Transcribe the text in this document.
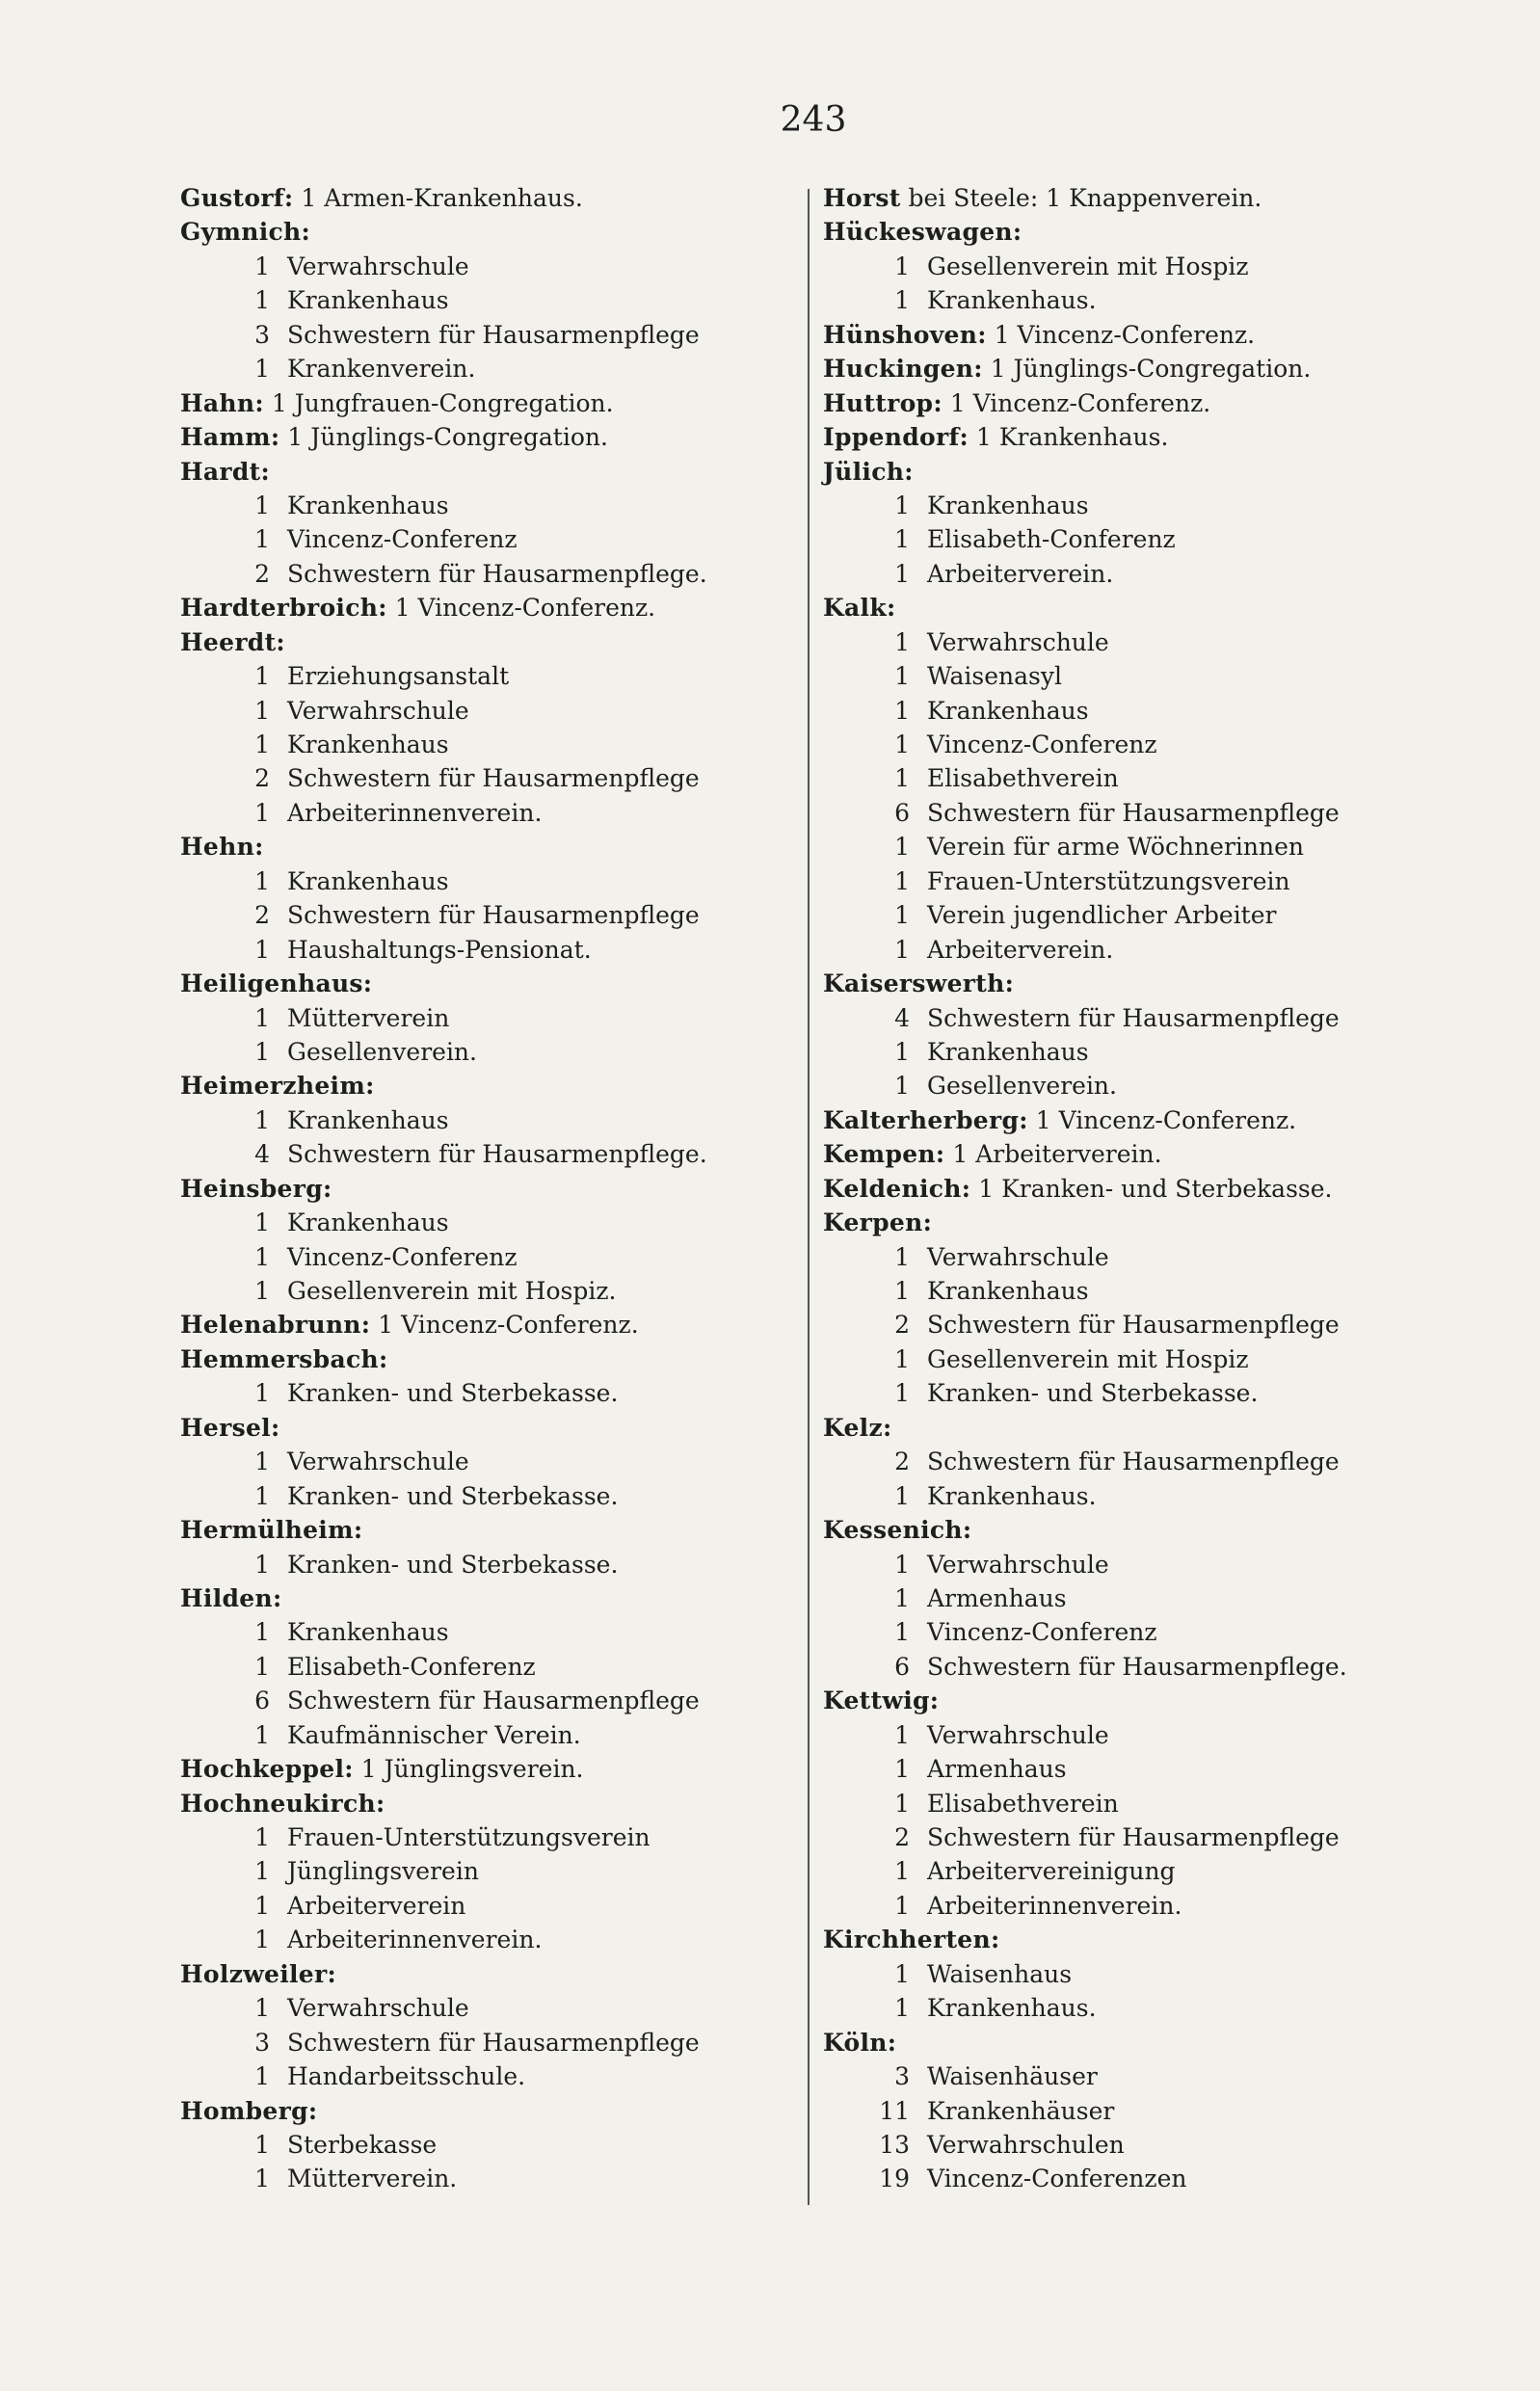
243
Gustorf: 1 Armen-Krankenhaus.
Gymnich:
1 Verwahrschule
1 Krankenhaus
3 Schwestern für Hausarmenpflege
1 Krankenverein.
Hahn: 1 Jungfrauen-Congregation.
Hamm: 1 Jünglings-Congregation.
Hardt:
1 Krankenhaus
1 Vincenz-Conferenz
2 Schwestern für Hausarmenpflege.
Hardterbroich: 1 Vincenz-Conferenz.
Heerdt:
1 Erziehungsanstalt
1 Verwahrschule
1 Krankenhaus
2 Schwestern für Hausarmenpflege
1 Arbeiterinnenverein.
Hehn:
1 Krankenhaus
2 Schwestern für Hausarmenpflege
1 Haushaltungs-Pensionat.
Heiligenhaus:
1 Mütterverein
1 Gesellenverein.
Heimerzheim:
1 Krankenhaus
4 Schwestern für Hausarmenpflege.
Heinsberg:
1 Krankenhaus
1 Vincenz-Conferenz
1 Gesellenverein mit Hospiz.
Helenabrunn: 1 Vincenz-Conferenz.
Hemmersbach:
1 Kranken- und Sterbekasse.
Hersel:
1 Verwahrschule
1 Kranken- und Sterbekasse.
Hermülheim:
1 Kranken- und Sterbekasse.
Hilden:
1 Krankenhaus
1 Elisabeth-Conferenz
6 Schwestern für Hausarmenpflege
1 Kaufmännischer Verein.
Hochkeppel: 1 Jünglingsverein.
Hochneukirch:
1 Frauen-Unterstützungsverein
1 Jünglingsverein
1 Arbeiterverein
1 Arbeiterinnenverein.
Holzweiler:
1 Verwahrschule
3 Schwestern für Hausarmenpflege
1 Handarbeitsschule.
Homberg:
1 Sterbekasse
1 Mütterverein.
Horst bei Steele: 1 Knappenverein.
Hückeswagen:
1 Gesellenverein mit Hospiz
1 Krankenhaus.
Hünshoven: 1 Vincenz-Conferenz.
Huckingen: 1 Jünglings-Congregation.
Huttrop: 1 Vincenz-Conferenz.
Ippendorf: 1 Krankenhaus.
Jülich:
1 Krankenhaus
1 Elisabeth-Conferenz
1 Arbeiterverein.
Kalk:
1 Verwahrschule
1 Waisenasyl
1 Krankenhaus
1 Vincenz-Conferenz
1 Elisabethverein
6 Schwestern für Hausarmenpflege
1 Verein für arme Wöchnerinnen
1 Frauen-Unterstützungsverein
1 Verein jugendlicher Arbeiter
1 Arbeiterverein.
Kaiserswerth:
4 Schwestern für Hausarmenpflege
1 Krankenhaus
1 Gesellenverein.
Kalterherberg: 1 Vincenz-Conferenz.
Kempen: 1 Arbeiterverein.
Keldenich: 1 Kranken- und Sterbekasse.
Kerpen:
1 Verwahrschule
1 Krankenhaus
2 Schwestern für Hausarmenpflege
1 Gesellenverein mit Hospiz
1 Kranken- und Sterbekasse.
Kelz:
2 Schwestern für Hausarmenpflege
1 Krankenhaus.
Kessenich:
1 Verwahrschule
1 Armenhaus
1 Vincenz-Conferenz
6 Schwestern für Hausarmenpflege.
Kettwig:
1 Verwahrschule
1 Armenhaus
1 Elisabethverein
2 Schwestern für Hausarmenpflege
1 Arbeitervereinigung
1 Arbeiterinnenverein.
Kirchherten:
1 Waisenhaus
1 Krankenhaus.
Köln:
3 Waisenhäuser
11 Krankenhäuser
13 Verwahrschulen
19 Vincenz-Conferenzen
